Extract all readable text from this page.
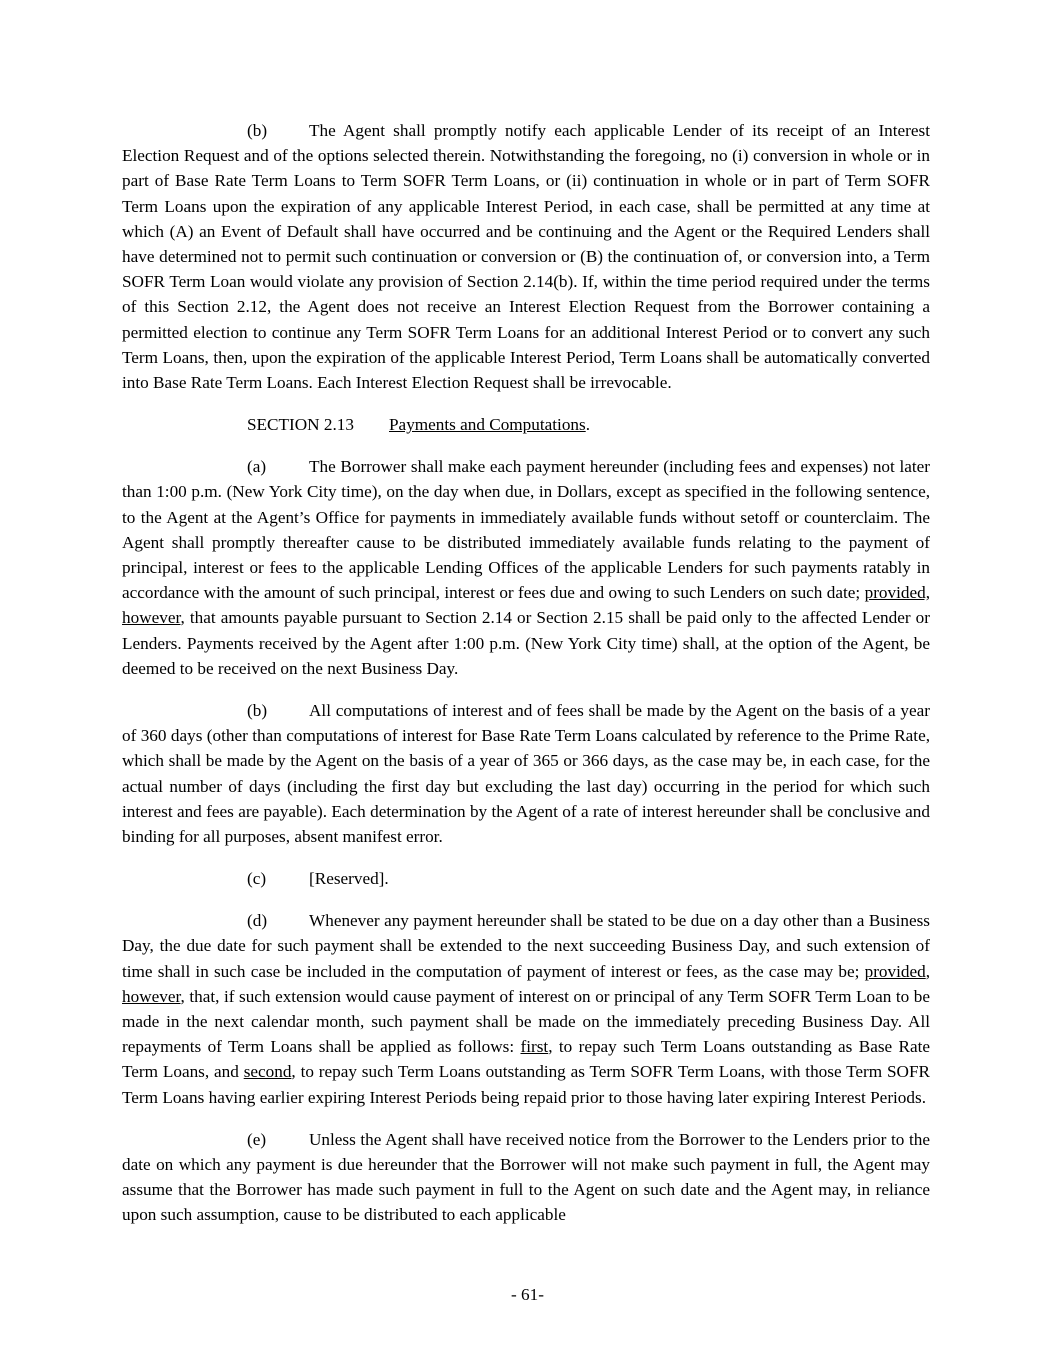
(b) The Agent shall promptly notify each applicable Lender of its receipt of an Interest Election Request and of the options selected therein. Notwithstanding the foregoing, no (i) conversion in whole or in part of Base Rate Term Loans to Term SOFR Term Loans, or (ii) continuation in whole or in part of Term SOFR Term Loans upon the expiration of any applicable Interest Period, in each case, shall be permitted at any time at which (A) an Event of Default shall have occurred and be continuing and the Agent or the Required Lenders shall have determined not to permit such continuation or conversion or (B) the continuation of, or conversion into, a Term SOFR Term Loan would violate any provision of Section 2.14(b). If, within the time period required under the terms of this Section 2.12, the Agent does not receive an Interest Election Request from the Borrower containing a permitted election to continue any Term SOFR Term Loans for an additional Interest Period or to convert any such Term Loans, then, upon the expiration of the applicable Interest Period, Term Loans shall be automatically converted into Base Rate Term Loans. Each Interest Election Request shall be irrevocable.

SECTION 2.13 Payments and Computations.

(a) The Borrower shall make each payment hereunder (including fees and expenses) not later than 1:00 p.m. (New York City time), on the day when due, in Dollars, except as specified in the following sentence, to the Agent at the Agent’s Office for payments in immediately available funds without setoff or counterclaim. The Agent shall promptly thereafter cause to be distributed immediately available funds relating to the payment of principal, interest or fees to the applicable Lending Offices of the applicable Lenders for such payments ratably in accordance with the amount of such principal, interest or fees due and owing to such Lenders on such date; provided, however, that amounts payable pursuant to Section 2.14 or Section 2.15 shall be paid only to the affected Lender or Lenders. Payments received by the Agent after 1:00 p.m. (New York City time) shall, at the option of the Agent, be deemed to be received on the next Business Day.

(b) All computations of interest and of fees shall be made by the Agent on the basis of a year of 360 days (other than computations of interest for Base Rate Term Loans calculated by reference to the Prime Rate, which shall be made by the Agent on the basis of a year of 365 or 366 days, as the case may be, in each case, for the actual number of days (including the first day but excluding the last day) occurring in the period for which such interest and fees are payable). Each determination by the Agent of a rate of interest hereunder shall be conclusive and binding for all purposes, absent manifest error.

(c) [Reserved].

(d) Whenever any payment hereunder shall be stated to be due on a day other than a Business Day, the due date for such payment shall be extended to the next succeeding Business Day, and such extension of time shall in such case be included in the computation of payment of interest or fees, as the case may be; provided, however, that, if such extension would cause payment of interest on or principal of any Term SOFR Term Loan to be made in the next calendar month, such payment shall be made on the immediately preceding Business Day. All repayments of Term Loans shall be applied as follows: first, to repay such Term Loans outstanding as Base Rate Term Loans, and second, to repay such Term Loans outstanding as Term SOFR Term Loans, with those Term SOFR Term Loans having earlier expiring Interest Periods being repaid prior to those having later expiring Interest Periods.

(e) Unless the Agent shall have received notice from the Borrower to the Lenders prior to the date on which any payment is due hereunder that the Borrower will not make such payment in full, the Agent may assume that the Borrower has made such payment in full to the Agent on such date and the Agent may, in reliance upon such assumption, cause to be distributed to each applicable

- 61-
